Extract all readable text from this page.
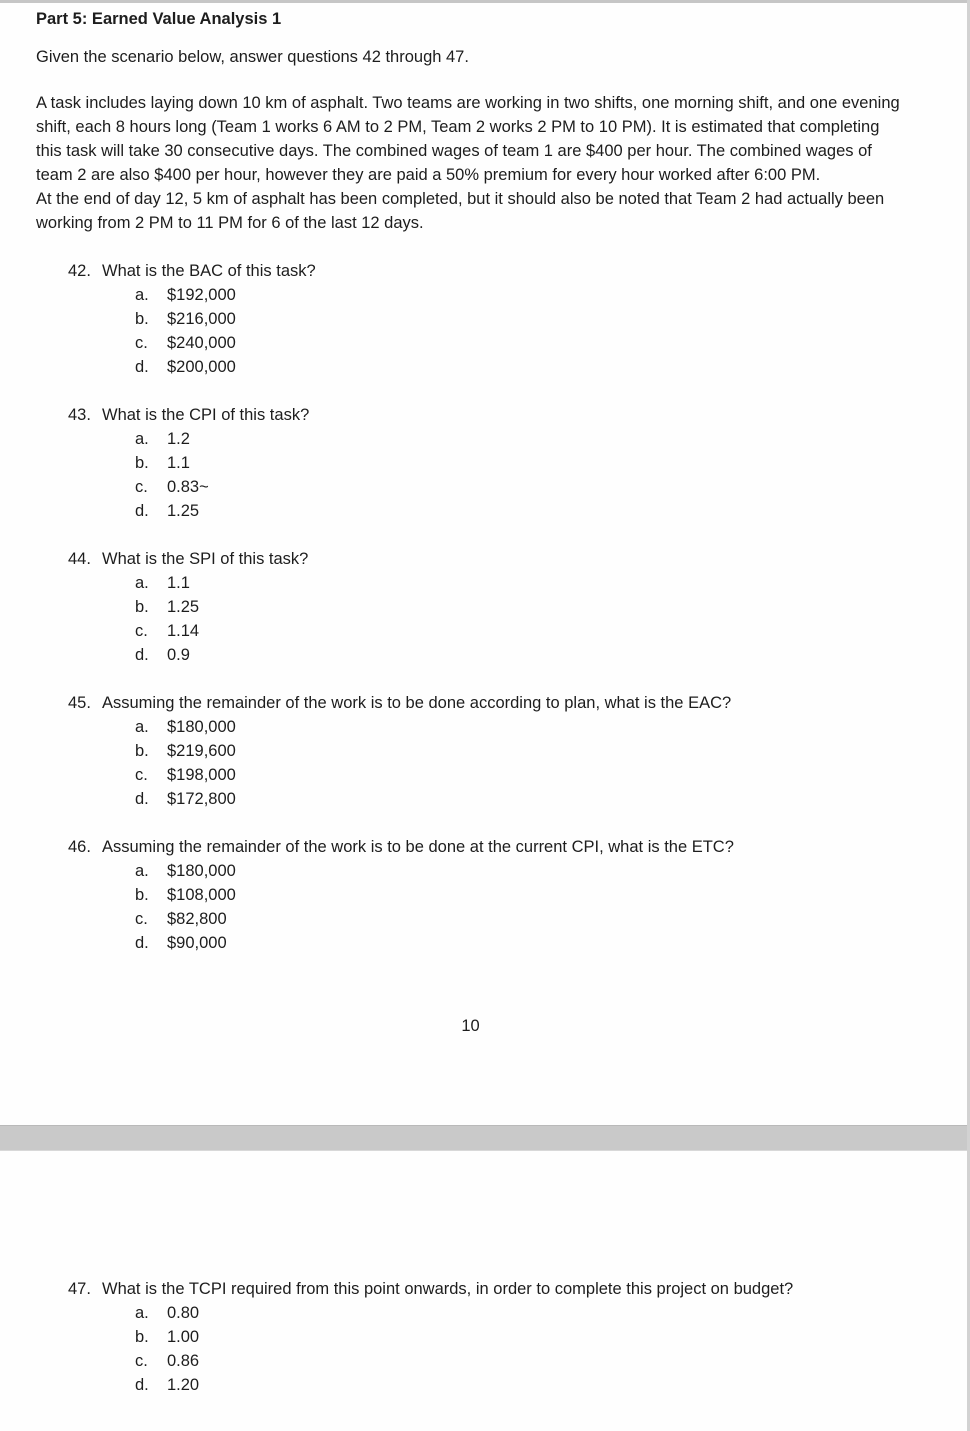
Part 5: Earned Value Analysis 1
Given the scenario below, answer questions 42 through 47.

A task includes laying down 10 km of asphalt. Two teams are working in two shifts, one morning shift, and one evening shift, each 8 hours long (Team 1 works 6 AM to 2 PM, Team 2 works 2 PM to 10 PM). It is estimated that completing this task will take 30 consecutive days. The combined wages of team 1 are $400 per hour. The combined wages of team 2 are also $400 per hour, however they are paid a 50% premium for every hour worked after 6:00 PM.

At the end of day 12, 5 km of asphalt has been completed, but it should also be noted that Team 2 had actually been working from 2 PM to 11 PM for 6 of the last 12 days.

42. What is the BAC of this task?
a. $192,000
b. $216,000
c. $240,000
d. $200,000
43. What is the CPI of this task?
a. 1.2
b. 1.1
c. 0.83~
d. 1.25
44. What is the SPI of this task?
a. 1.1
b. 1.25
c. 1.14
d. 0.9
45. Assuming the remainder of the work is to be done according to plan, what is the EAC?
a. $180,000
b. $219,600
c. $198,000
d. $172,800
46. Assuming the remainder of the work is to be done at the current CPI, what is the ETC?
a. $180,000
b. $108,000
c. $82,800
d. $90,000
10
47. What is the TCPI required from this point onwards, in order to complete this project on budget?
a. 0.80
b. 1.00
c. 0.86
d. 1.20
